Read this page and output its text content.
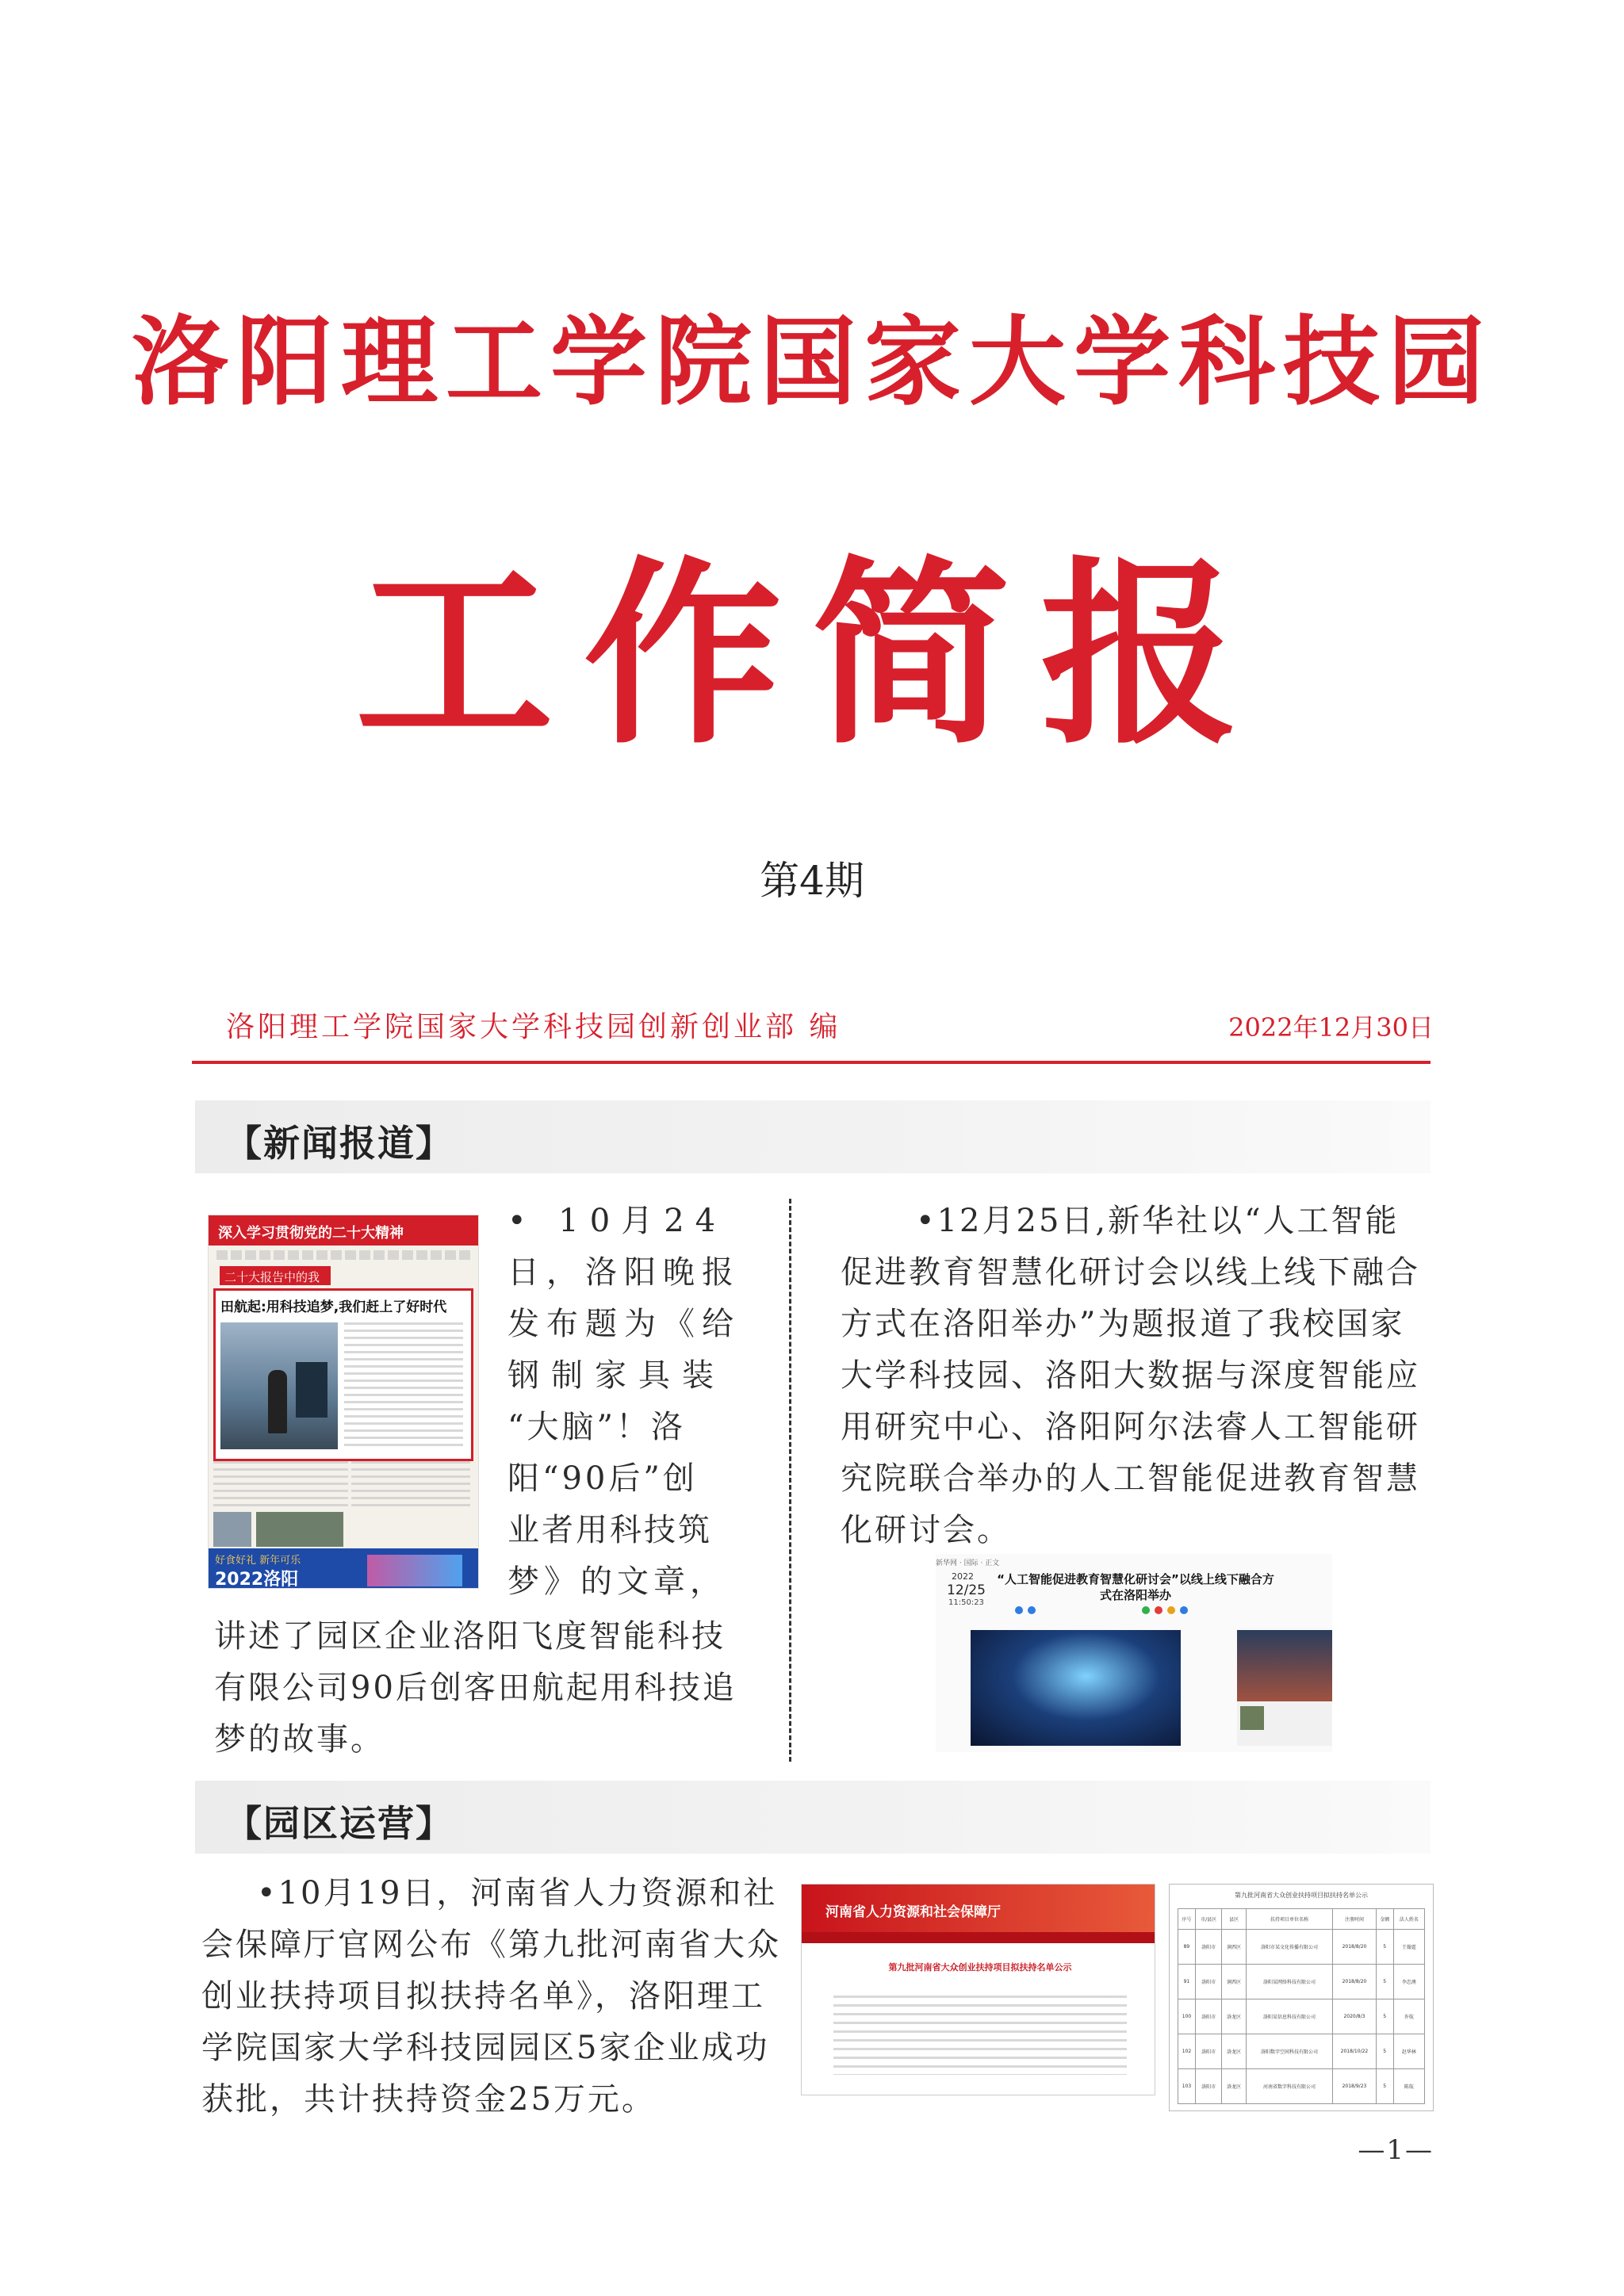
洛阳理工学院国家大学科技园
工作简报
第4期
洛阳理工学院国家大学科技园创新创业部 编	2022年12月30日
【新闻报道】
深入学习贯彻党的二十大精神
二十大报告中的我
田航起:用科技追梦,我们赶上了好时代
好食好礼 新年可乐
2022洛阳
• 10月24
日，洛阳晚报
发布题为《给
钢制家具装
“大脑”！洛
阳“90后”创
业者用科技筑
梦》的文章，
讲述了园区企业洛阳飞度智能科技
有限公司90后创客田航起用科技追
梦的故事。
•12月25日,新华社以“人工智能
促进教育智慧化研讨会以线上线下融合
方式在洛阳举办”为题报道了我校国家
大学科技园、洛阳大数据与深度智能应
用研究中心、洛阳阿尔法睿人工智能研
究院联合举办的人工智能促进教育智慧
化研讨会。
新华网 · 国际 · 正文
2022
12/25
11:50:23
“人工智能促进教育智慧化研讨会”以线上线下融合方式在洛阳举办
【园区运营】
•10月19日，河南省人力资源和社
会保障厅官网公布《第九批河南省大众
创业扶持项目拟扶持名单》，洛阳理工
学院国家大学科技园园区5家企业成功
获批，共计扶持资金25万元。
河南省人力资源和社会保障厅
第九批河南省大众创业扶持项目拟扶持名单公示
第九批河南省大众创业扶持项目拟扶持名单公示
序号	市/县区	县区	扶持项目单位名称	注册时间	金额	法人姓名
89	洛阳市	涧西区	洛阳市某文化传播有限公司	2018/8/20	5	王翰霆
91	洛阳市	涧西区	洛阳某网络科技有限公司	2018/8/20	5	李忠澳
100	洛阳市	洛龙区	洛阳某信息科技有限公司	2020/8/3	5	许航
102	洛阳市	洛龙区	洛阳数字空间科技有限公司	2018/10/22	5	赵华林
103	洛阳市	洛龙区	河南省数字科技有限公司	2018/9/23	5	陈航
—1—
